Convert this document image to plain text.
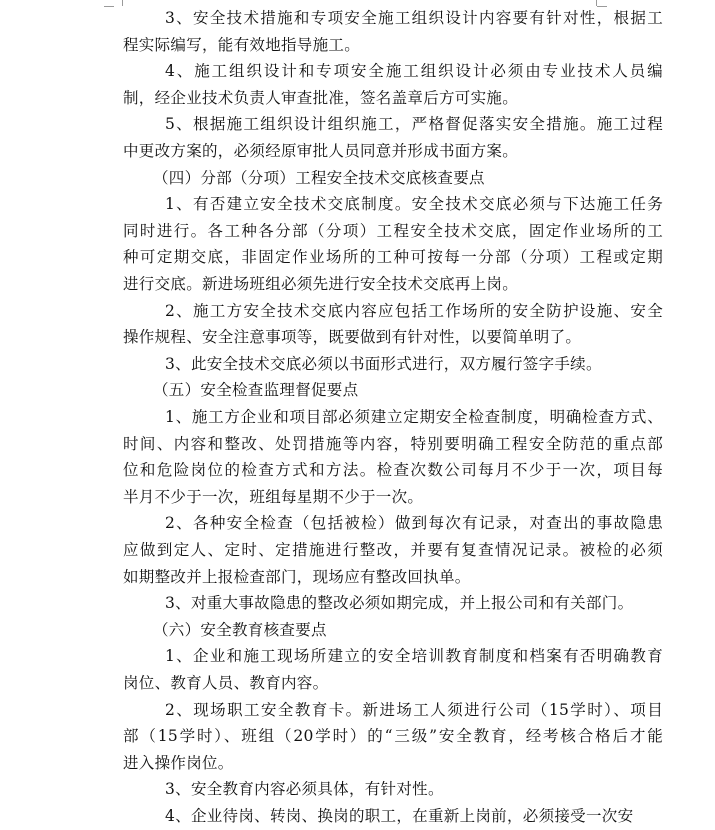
3、安全技术措施和专项安全施工组织设计内容要有针对性，根据工
程实际编写，能有效地指导施工。
4、施工组织设计和专项安全施工组织设计必须由专业技术人员编
制，经企业技术负责人审查批准，签名盖章后方可实施。
5、根据施工组织设计组织施工，严格督促落实安全措施。施工过程
中更改方案的，必须经原审批人员同意并形成书面方案。

（四）分部（分项）工程安全技术交底核查要点

1、有否建立安全技术交底制度。安全技术交底必须与下达施工任务
同时进行。各工种各分部（分项）工程安全技术交底，固定作业场所的工
种可定期交底，非固定作业场所的工种可按每一分部（分项）工程或定期
进行交底。新进场班组必须先进行安全技术交底再上岗。
2、施工方安全技术交底内容应包括工作场所的安全防护设施、安全
操作规程、安全注意事项等，既要做到有针对性，以要简单明了。
3、此安全技术交底必须以书面形式进行，双方履行签字手续。

（五）安全检查监理督促要点

1、施工方企业和项目部必须建立定期安全检查制度，明确检查方式、
时间、内容和整改、处罚措施等内容，特别要明确工程安全防范的重点部
位和危险岗位的检查方式和方法。检查次数公司每月不少于一次，项目每
半月不少于一次，班组每星期不少于一次。
2、各种安全检查（包括被检）做到每次有记录，对查出的事故隐患
应做到定人、定时、定措施进行整改，并要有复查情况记录。被检的必须
如期整改并上报检查部门，现场应有整改回执单。
3、对重大事故隐患的整改必须如期完成，并上报公司和有关部门。

（六）安全教育核查要点

1、企业和施工现场所建立的安全培训教育制度和档案有否明确教育
岗位、教育人员、教育内容。
2、现场职工安全教育卡。新进场工人须进行公司（15学时）、项目
部（15学时）、班组（20学时）的“三级”安全教育，经考核合格后才能
进入操作岗位。
3、安全教育内容必须具体，有针对性。
4、企业待岗、转岗、换岗的职工，在重新上岗前，必须接受一次安
